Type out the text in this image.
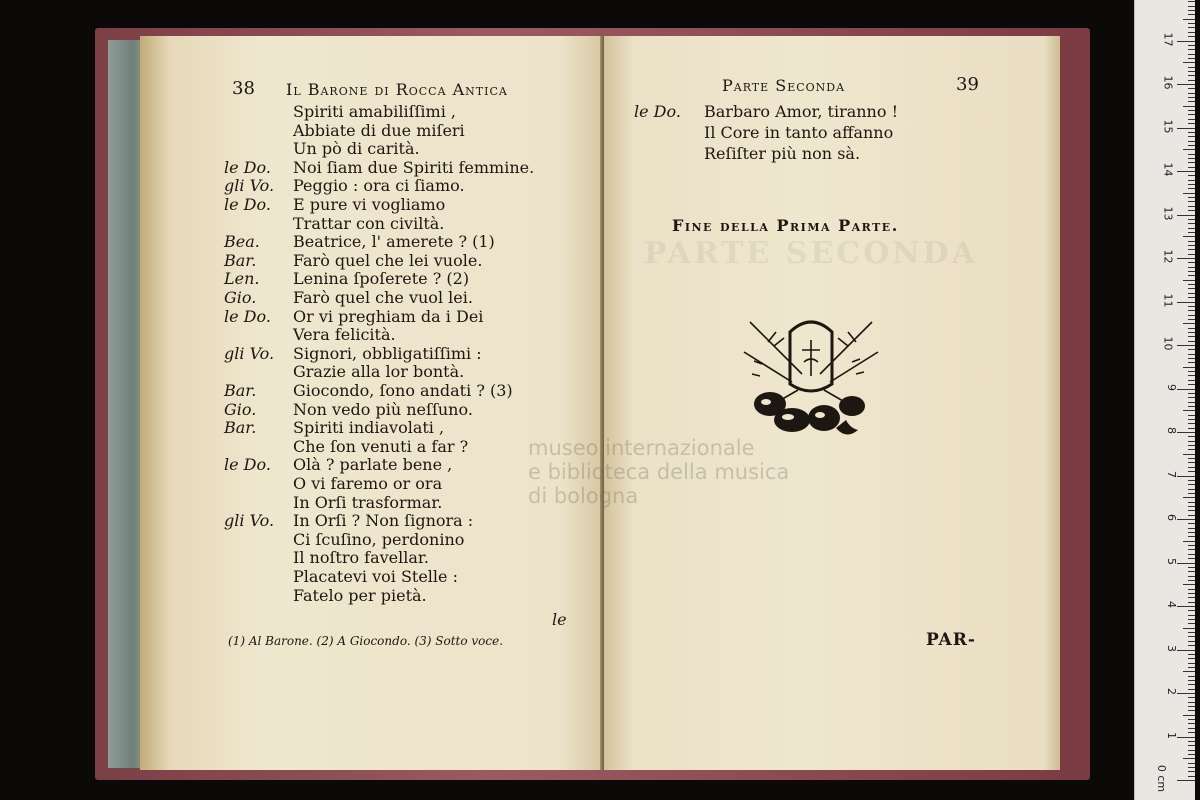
38 Il Barone di Rocca Antica
Spiriti amabiliſſimi ,
Abbiate di due miſeri
Un pò di carità.
le Do. Noi ſiam due Spiriti femmine.
gli Vo. Peggio : ora ci ſiamo.
le Do. E pure vi vogliamo
Trattar con civiltà.
Bea. Beatrice, l' amerete ? (1)
Bar. Farò quel che lei vuole.
Len. Lenina ſpoſerete ? (2)
Gio. Farò quel che vuol lei.
le Do. Or vi preghiam da i Dei
Vera felicità.
gli Vo. Signori, obbligatiſſimi :
Grazie alla lor bontà.
Bar. Giocondo, ſono andati ? (3)
Gio. Non vedo più neſſuno.
Bar. Spiriti indiavolati ,
Che ſon venuti a far ?
le Do. Olà ? parlate bene ,
O vi faremo or ora
In Orſi trasformar.
gli Vo. In Orſi ? Non ſignora :
Ci ſcuſino, perdonino
Il noſtro favellar.
Placatevi voi Stelle :
Fatelo per pietà.
le
(1) Al Barone. (2) A Giocondo. (3) Sotto voce.
PARTE SECONDA
Parte Seconda	39
le Do. Barbaro Amor, tiranno !
Il Core in tanto affanno
Reſiſter più non sà.
Fine della Prima Parte.
PAR-
museo internazionale
e biblioteca della musica
di bologna
0 cm
1
2
3
4
5
6
7
8
9
10
11
12
13
14
15
16
17
